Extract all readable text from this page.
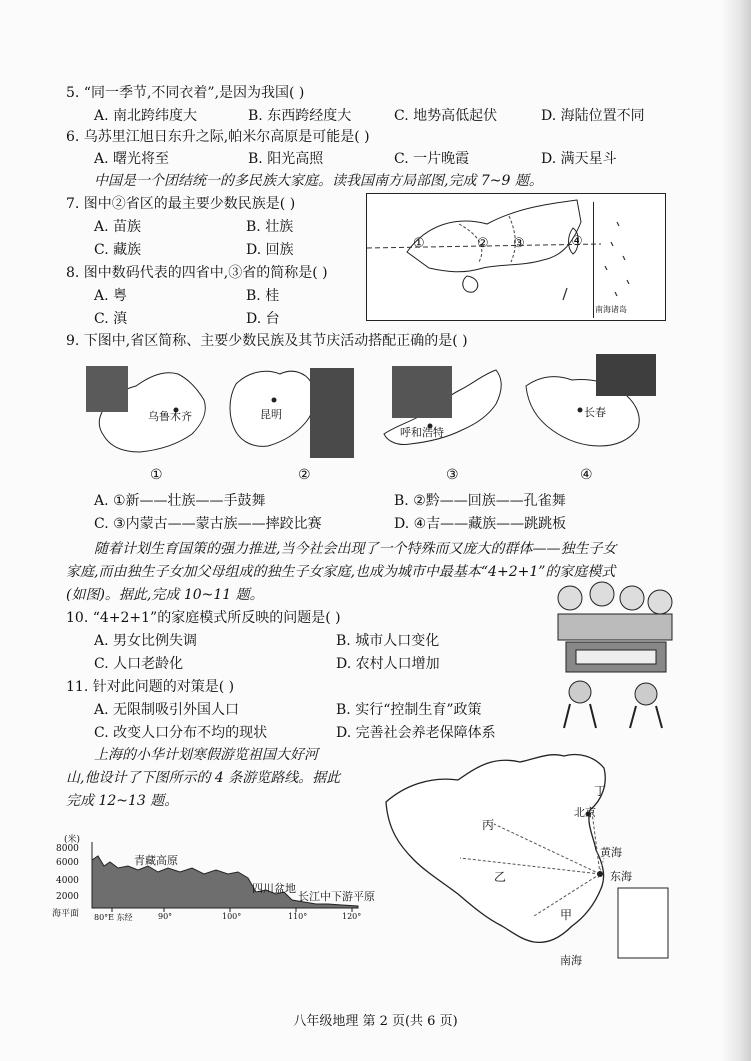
5. “同一季节,不同衣着”,是因为我国( )
A. 南北跨纬度大	B. 东西跨经度大	C. 地势高低起伏	D. 海陆位置不同
6. 乌苏里江旭日东升之际,帕米尔高原是可能是( )
A. 曙光将至	B. 阳光高照	C. 一片晚霞	D. 满天星斗
中国是一个团结统一的多民族大家庭。读我国南方局部图,完成 7~9 题。
7. 图中②省区的最主要少数民族是( )
A. 苗族	B. 壮族
C. 藏族	D. 回族
8. 图中数码代表的四省中,③省的简称是( )
A. 粤	B. 桂
C. 滇	D. 台
南海诸岛
①	② ③	④
9. 下图中,省区简称、主要少数民族及其节庆活动搭配正确的是( )
乌鲁木齐	昆明
呼和浩特
长春
①	②	③	④
A. ①新——壮族——手鼓舞	B. ②黔——回族——孔雀舞
C. ③内蒙古——蒙古族——摔跤比赛	D. ④吉——藏族——跳跳板
随着计划生育国策的强力推进,当今社会出现了一个特殊而又庞大的群体——独生子女
家庭,而由独生子女加父母组成的独生子女家庭,也成为城市中最基本“4+2+1”的家庭模式
(如图)。据此,完成 10~11 题。
10. “4+2+1”的家庭模式所反映的问题是( )
A. 男女比例失调	B. 城市人口变化
C. 人口老龄化	D. 农村人口增加
11. 针对此问题的对策是( )
A. 无限制吸引外国人口	B. 实行“控制生育”政策
C. 改变人口分布不均的现状	D. 完善社会养老保障体系
上海的小华计划寒假游览祖国大好河
山,他设计了下图所示的 4 条游览路线。据此
完成 12~13 题。
(米)
8000
6000
4000
2000
海平面 80°E 东经	90°	100°	110°	120°
青藏高原
四川盆地
长江中下游平原
丁
丙
乙
甲
北京
黄海
东海
南海
八年级地理 第 2 页(共 6 页)
